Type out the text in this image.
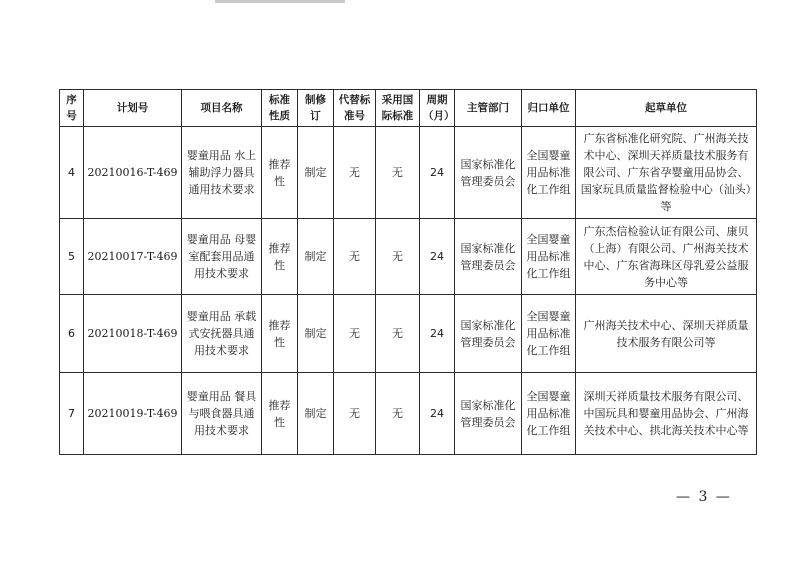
序号	计划号	项目名称	标准性质	制修订	代替标准号	采用国际标准	周期（月）	主管部门	归口单位	起草单位
4	20210016-T-469	婴童用品 水上辅助浮力器具通用技术要求	推荐性	制定	无	无	24	国家标准化管理委员会	全国婴童用品标准化工作组	广东省标准化研究院、广州海关技术中心、深圳天祥质量技术服务有限公司、广东省孕婴童用品协会、国家玩具质量监督检验中心（汕头）等
5	20210017-T-469	婴童用品 母婴室配套用品通用技术要求	推荐性	制定	无	无	24	国家标准化管理委员会	全国婴童用品标准化工作组	广东杰信检验认证有限公司、康贝（上海）有限公司、广州海关技术中心、广东省海珠区母乳爱公益服务中心等
6	20210018-T-469	婴童用品 承载式安抚器具通用技术要求	推荐性	制定	无	无	24	国家标准化管理委员会	全国婴童用品标准化工作组	广州海关技术中心、深圳天祥质量技术服务有限公司等
7	20210019-T-469	婴童用品 餐具与喂食器具通用技术要求	推荐性	制定	无	无	24	国家标准化管理委员会	全国婴童用品标准化工作组	深圳天祥质量技术服务有限公司、中国玩具和婴童用品协会、广州海关技术中心、拱北海关技术中心等
— 3 —
